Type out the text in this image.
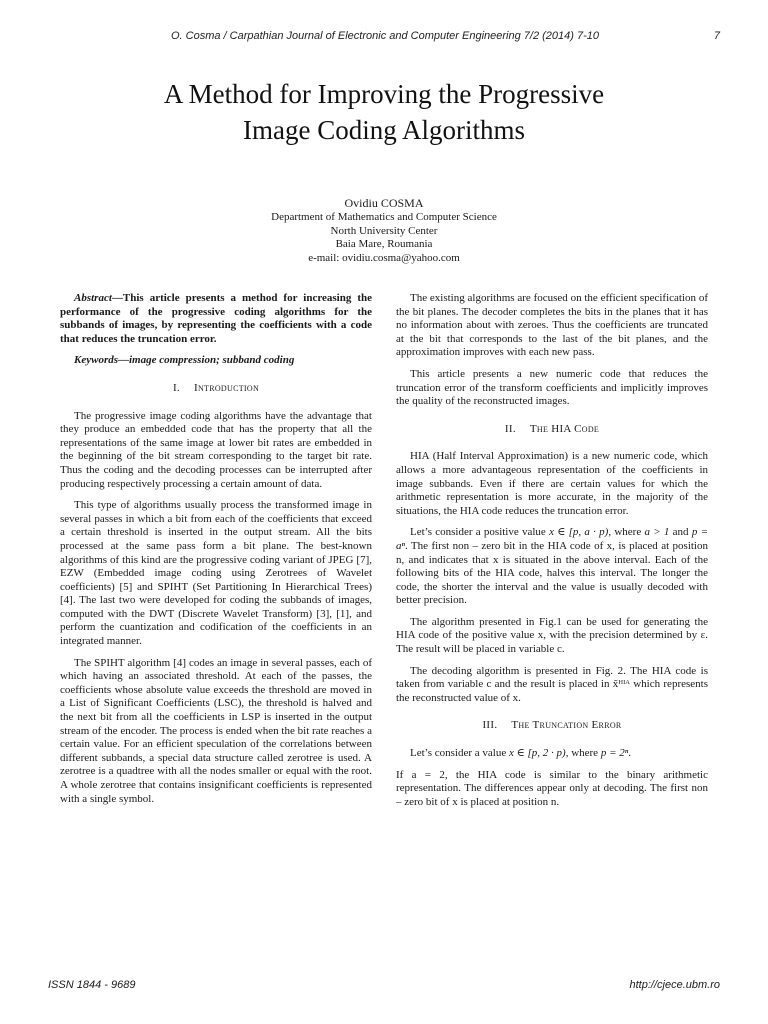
O. Cosma / Carpathian Journal of Electronic and Computer Engineering 7/2 (2014) 7-10	7
A Method for Improving the Progressive
Image Coding Algorithms
Ovidiu COSMA
Department of Mathematics and Computer Science
North University Center
Baia Mare, Roumania
e-mail: ovidiu.cosma@yahoo.com

Abstract—This article presents a method for increasing the performance of the progressive coding algorithms for the subbands of images, by representing the coefficients with a code that reduces the truncation error.

Keywords—image compression; subband coding

I. Introduction

The progressive image coding algorithms have the advantage that they produce an embedded code that has the property that all the representations of the same image at lower bit rates are embedded in the beginning of the bit stream corresponding to the target bit rate. Thus the coding and the decoding processes can be interrupted after producing respectively processing a certain amount of data.

This type of algorithms usually process the transformed image in several passes in which a bit from each of the coefficients that exceed a certain threshold is inserted in the output stream. All the bits processed at the same pass form a bit plane. The best-known algorithms of this kind are the progressive coding variant of JPEG [7], EZW (Embedded image coding using Zerotrees of Wavelet coefficients) [5] and SPIHT (Set Partitioning In Hierarchical Trees) [4]. The last two were developed for coding the subbands of images, computed with the DWT (Discrete Wavelet Transform) [3], [1], and perform the cuantization and codification of the coefficients in an integrated manner.

The SPIHT algorithm [4] codes an image in several passes, each of which having an associated threshold. At each of the passes, the coefficients whose absolute value exceeds the threshold are moved in a List of Significant Coefficients (LSC), the threshold is halved and the next bit from all the coefficients in LSP is inserted in the output stream of the encoder. The process is ended when the bit rate reaches a certain value. For an efficient speculation of the correlations between different subbands, a special data structure called zerotree is used. A zerotree is a quadtree with all the nodes smaller or equal with the root. A whole zerotree that contains insignificant coefficients is represented with a single symbol.

The existing algorithms are focused on the efficient specification of the bit planes. The decoder completes the bits in the planes that it has no information about with zeroes. Thus the coefficients are truncated at the bit that corresponds to the last of the bit planes, and the approximation improves with each new pass.

This article presents a new numeric code that reduces the truncation error of the transform coefficients and implicitly improves the quality of the reconstructed images.

II. The HIA Code

HIA (Half Interval Approximation) is a new numeric code, which allows a more advantageous representation of the coefficients in image subbands. Even if there are certain values for which the arithmetic representation is more accurate, in the majority of the situations, the HIA code reduces the truncation error.

Let’s consider a positive value x ∈ [p, a · p), where a > 1 and p = aⁿ. The first non – zero bit in the HIA code of x, is placed at position n, and indicates that x is situated in the above interval. Each of the following bits of the HIA code, halves this interval. The longer the code, the shorter the interval and the value is usually decoded with better precision.

The algorithm presented in Fig.1 can be used for generating the HIA code of the positive value x, with the precision determined by ε. The result will be placed in variable c.

The decoding algorithm is presented in Fig. 2. The HIA code is taken from variable c and the result is placed in x̃ᴴᴵᴬ which represents the reconstructed value of x.

III. The Truncation Error

Let’s consider a value x ∈ [p, 2 · p), where p = 2ⁿ.

If a = 2, the HIA code is similar to the binary arithmetic representation. The differences appear only at decoding. The first non – zero bit of x is placed at position n.

ISSN 1844 - 9689	http://cjece.ubm.ro
